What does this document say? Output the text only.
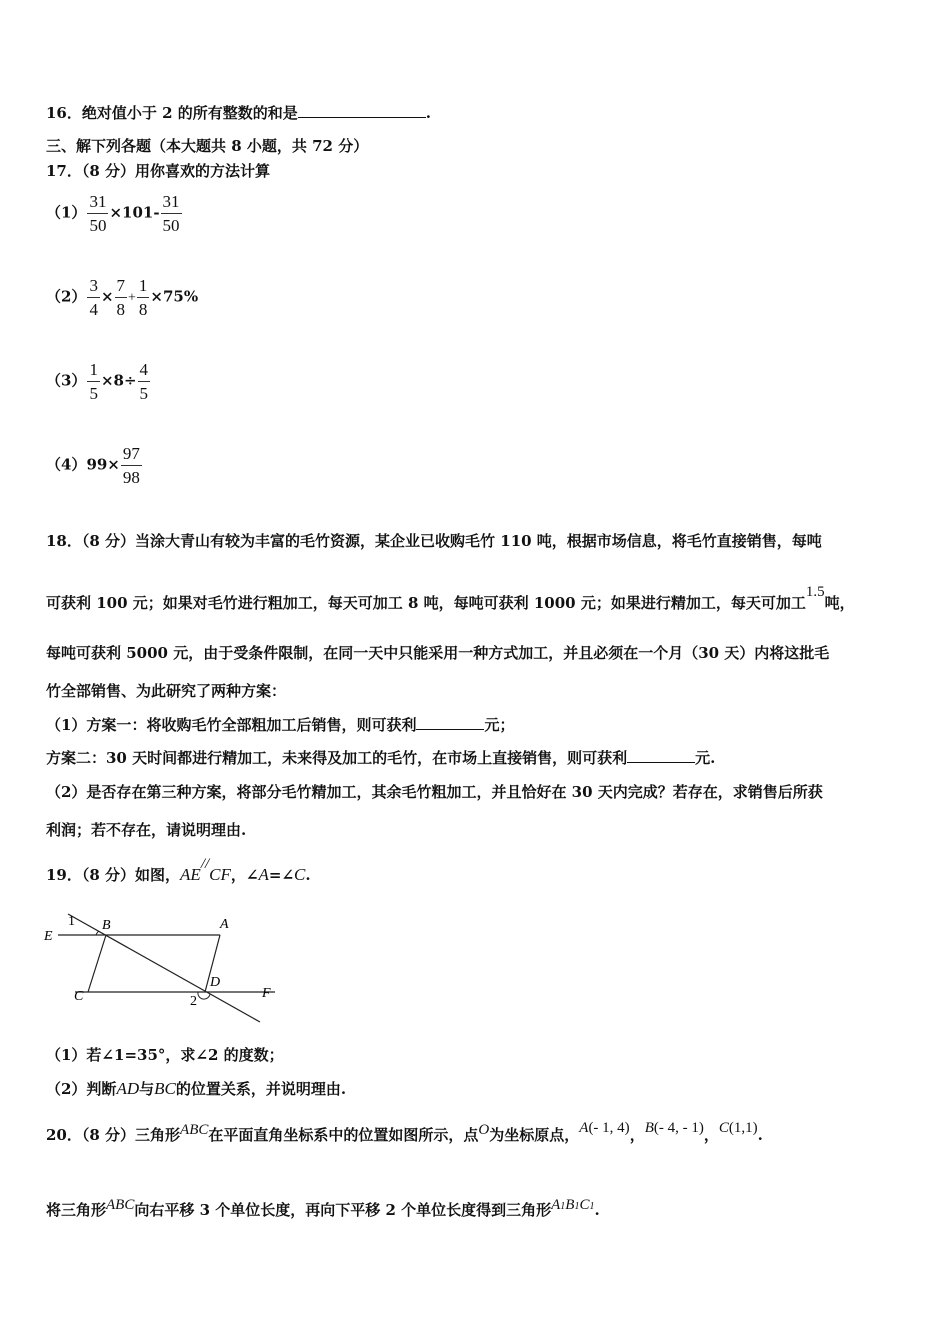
16．绝对值小于 2 的所有整数的和是	.
三、解下列各题（本大题共 8 小题，共 72 分）
17．（8 分）用你喜欢的方法计算
$(1) \frac{31}{50} \times 101- \frac{31}{50}$
$(2) \frac{3}{4} \times \frac{7}{8} + \frac{1}{8} \times 75\%$
$(3) \frac{1}{5} \times 8\div \frac{4}{5}$
$(4)99\times \frac{97}{98}$
18．（8 分）当涂大青山有较为丰富的毛竹资源，某企业已收购毛竹 110 吨，根据市场信息，将毛竹直接销售，每吨
可获利 100 元；如果对毛竹进行粗加工，每天可加工 8 吨，每吨可获利 1000 元；如果进行精加工，每天可加工1.5吨，
每吨可获利 5000 元，由于受条件限制，在同一天中只能采用一种方式加工，并且必须在一个月（30 天）内将这批毛
竹全部销售、为此研究了两种方案：
（1）方案一：将收购毛竹全部粗加工后销售，则可获利	元；
方案二：30 天时间都进行精加工，未来得及加工的毛竹，在市场上直接销售，则可获利	元.
（2）是否存在第三种方案，将部分毛竹精加工，其余毛竹粗加工，并且恰好在 30 天内完成？若存在，求销售后所获
利润；若不存在，请说明理由.
19．（8 分）如图，AE//CF，∠A=∠C.
1 B	A
E
D
C	2
F
（1）若∠1=35°，求∠2 的度数；
（2）判断AD与BC的位置关系，并说明理由.
20．（8 分）三角形ABC在平面直角坐标系中的位置如图所示，点O为坐标原点，A(- 1, 4)，B(- 4, - 1)，C(1,1).
将三角形ABC向右平移 3 个单位长度，再向下平移 2 个单位长度得到三角形A1B1C1.
